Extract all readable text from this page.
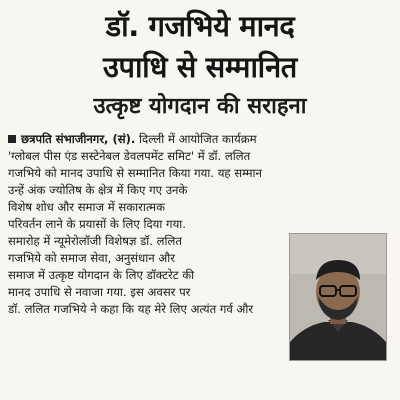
डॉ. गजभिये मानद
उपाधि से सम्मानित
उत्कृष्ट योगदान की सराहना
छत्रपति संभाजीनगर, (सं). दिल्ली में आयोजित कार्यक्रम
'ग्लोबल पीस एंड सस्टेनेबल डेवलपमेंट समिट' में डॉ. ललित
गजभिये को मानद उपाधि से सम्मानित किया गया. यह सम्मान
उन्हें अंक ज्योतिष के क्षेत्र में किए गए उनके
विशेष शोध और समाज में सकारात्मक
परिवर्तन लाने के प्रयासों के लिए दिया गया.
समारोह में न्यूमेरोलॉजी विशेषज्ञ डॉ. ललित
गजभिये को समाज सेवा, अनुसंधान और
समाज में उत्कृष्ट योगदान के लिए डॉक्टरेट की
मानद उपाधि से नवाजा गया. इस अवसर पर
डॉ. ललित गजभिये ने कहा कि यह मेरे लिए अत्यंत गर्व और
